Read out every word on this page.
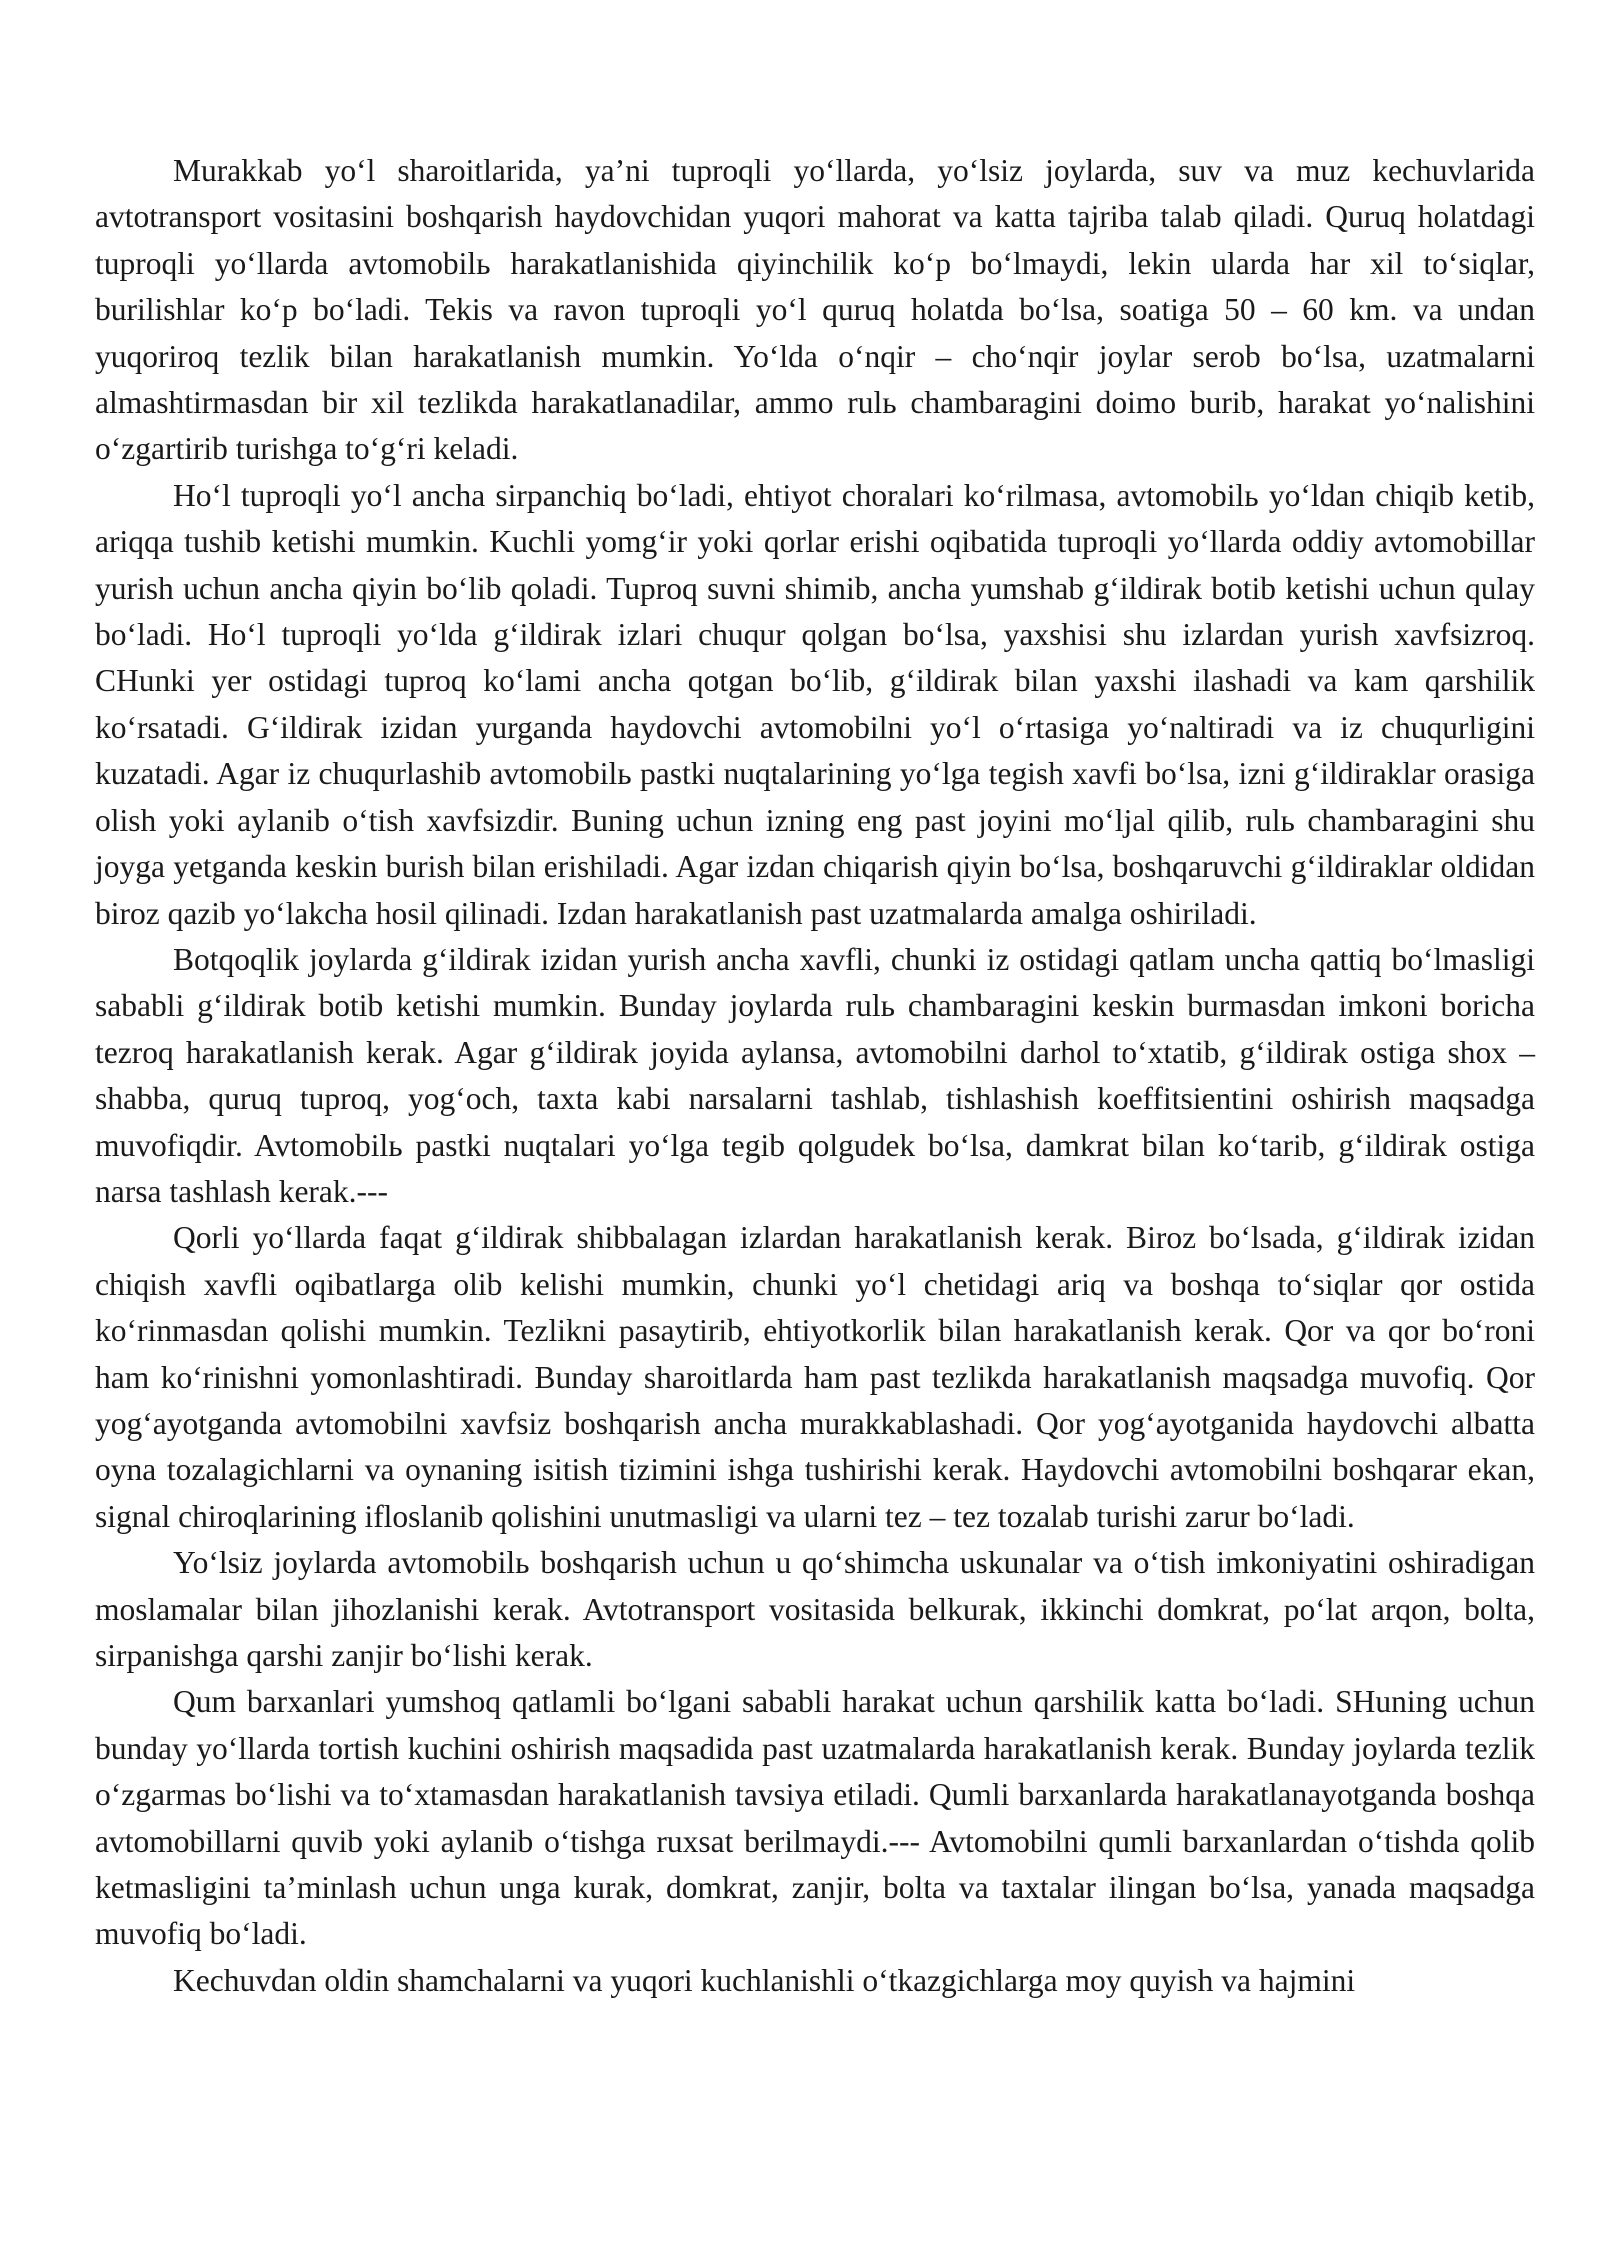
Murakkab yo‘l sharoitlarida, ya’ni tuproqli yo‘llarda, yo‘lsiz joylarda, suv va muz kechuvlarida avtotransport vositasini boshqarish haydovchidan yuqori mahorat va katta tajriba talab qiladi. Quruq holatdagi tuproqli yo‘llarda avtomobilь harakatlanishida qiyinchilik ko‘p bo‘lmaydi, lekin ularda har xil to‘siqlar, burilishlar ko‘p bo‘ladi. Tekis va ravon tuproqli yo‘l quruq holatda bo‘lsa, soatiga 50 – 60 km. va undan yuqoriroq tezlik bilan harakatlanish mumkin. Yo‘lda o‘nqir – cho‘nqir joylar serob bo‘lsa, uzatmalarni almashtirmasdan bir xil tezlikda harakatlanadilar, ammo rulь chambaragini doimo burib, harakat yo‘nalishini o‘zgartirib turishga to‘g‘ri keladi.

Ho‘l tuproqli yo‘l ancha sirpanchiq bo‘ladi, ehtiyot choralari ko‘rilmasa, avtomobilь yo‘ldan chiqib ketib, ariqqa tushib ketishi mumkin. Kuchli yomg‘ir yoki qorlar erishi oqibatida tuproqli yo‘llarda oddiy avtomobillar yurish uchun ancha qiyin bo‘lib qoladi. Tuproq suvni shimib, ancha yumshab g‘ildirak botib ketishi uchun qulay bo‘ladi. Ho‘l tuproqli yo‘lda g‘ildirak izlari chuqur qolgan bo‘lsa, yaxshisi shu izlardan yurish xavfsizroq. CHunki yer ostidagi tuproq ko‘lami ancha qotgan bo‘lib, g‘ildirak bilan yaxshi ilashadi va kam qarshilik ko‘rsatadi. G‘ildirak izidan yurganda haydovchi avtomobilni yo‘l o‘rtasiga yo‘naltiradi va iz chuqurligini kuzatadi. Agar iz chuqurlashib avtomobilь pastki nuqtalarining yo‘lga tegish xavfi bo‘lsa, izni g‘ildiraklar orasiga olish yoki aylanib o‘tish xavfsizdir. Buning uchun izning eng past joyini mo‘ljal qilib, rulь chambaragini shu joyga yetganda keskin burish bilan erishiladi. Agar izdan chiqarish qiyin bo‘lsa, boshqaruvchi g‘ildiraklar oldidan biroz qazib yo‘lakcha hosil qilinadi. Izdan harakatlanish past uzatmalarda amalga oshiriladi.

Botqoqlik joylarda g‘ildirak izidan yurish ancha xavfli, chunki iz ostidagi qatlam uncha qattiq bo‘lmasligi sababli g‘ildirak botib ketishi mumkin. Bunday joylarda rulь chambaragini keskin burmasdan imkoni boricha tezroq harakatlanish kerak. Agar g‘ildirak joyida aylansa, avtomobilni darhol to‘xtatib, g‘ildirak ostiga shox – shabba, quruq tuproq, yog‘och, taxta kabi narsalarni tashlab, tishlashish koeffitsientini oshirish maqsadga muvofiqdir. Avtomobilь pastki nuqtalari yo‘lga tegib qolgudek bo‘lsa, damkrat bilan ko‘tarib, g‘ildirak ostiga narsa tashlash kerak.---

Qorli yo‘llarda faqat g‘ildirak shibbalagan izlardan harakatlanish kerak. Biroz bo‘lsada, g‘ildirak izidan chiqish xavfli oqibatlarga olib kelishi mumkin, chunki yo‘l chetidagi ariq va boshqa to‘siqlar qor ostida ko‘rinmasdan qolishi mumkin. Tezlikni pasaytirib, ehtiyotkorlik bilan harakatlanish kerak. Qor va qor bo‘roni ham ko‘rinishni yomonlashtiradi. Bunday sharoitlarda ham past tezlikda harakatlanish maqsadga muvofiq. Qor yog‘ayotganda avtomobilni xavfsiz boshqarish ancha murakkablashadi. Qor yog‘ayotganida haydovchi albatta oyna tozalagichlarni va oynaning isitish tizimini ishga tushirishi kerak. Haydovchi avtomobilni boshqarar ekan, signal chiroqlarining ifloslanib qolishini unutmasligi va ularni tez – tez tozalab turishi zarur bo‘ladi.

Yo‘lsiz joylarda avtomobilь boshqarish uchun u qo‘shimcha uskunalar va o‘tish imkoniyatini oshiradigan moslamalar bilan jihozlanishi kerak. Avtotransport vositasida belkurak, ikkinchi domkrat, po‘lat arqon, bolta, sirpanishga qarshi zanjir bo‘lishi kerak.

Qum barxanlari yumshoq qatlamli bo‘lgani sababli harakat uchun qarshilik katta bo‘ladi. SHuning uchun bunday yo‘llarda tortish kuchini oshirish maqsadida past uzatmalarda harakatlanish kerak. Bunday joylarda tezlik o‘zgarmas bo‘lishi va to‘xtamasdan harakatlanish tavsiya etiladi. Qumli barxanlarda harakatlanayotganda boshqa avtomobillarni quvib yoki aylanib o‘tishga ruxsat berilmaydi.--- Avtomobilni qumli barxanlardan o‘tishda qolib ketmasligini ta’minlash uchun unga kurak, domkrat, zanjir, bolta va taxtalar ilingan bo‘lsa, yanada maqsadga muvofiq bo‘ladi.

Kechuvdan oldin shamchalarni va yuqori kuchlanishli o‘tkazgichlarga moy quyish va hajmini
